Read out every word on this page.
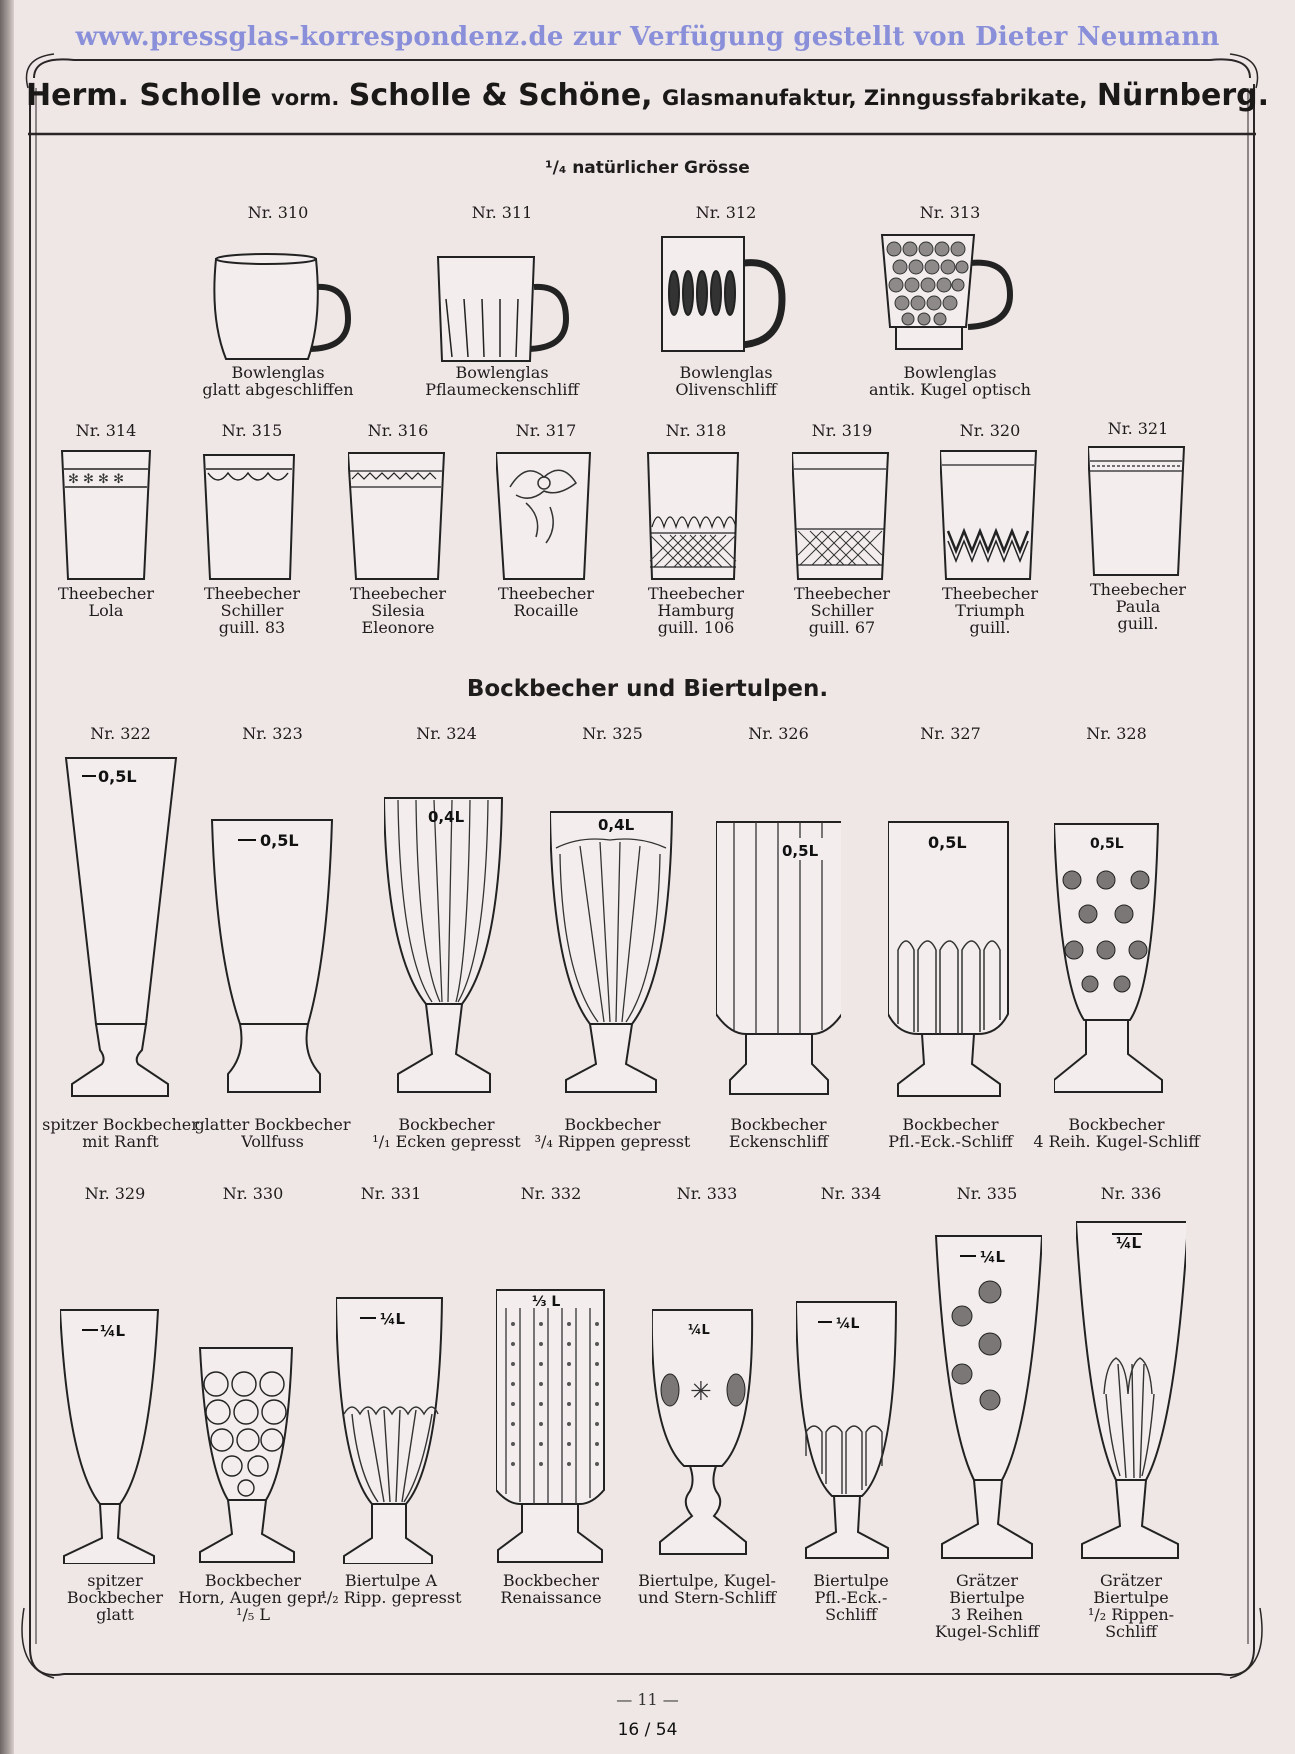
www.pressglas-korrespondenz.de zur Verfügung gestellt von Dieter Neumann
Herm. Scholle vorm. Scholle & Schöne, Glasmanufaktur, Zinngussfabrikate, Nürnberg.
¹/₄ natürlicher Grösse
Bockbecher und Biertulpen.
Nr. 310
Bowlenglas
glatt abgeschliffen
Nr. 311
Bowlenglas
Pflaumeckenschliff
Nr. 312
Bowlenglas
Olivenschliff
Nr. 313
Bowlenglas
antik. Kugel optisch
Nr. 314
✻ ✻ ✻ ✻
Theebecher
Lola
Nr. 315
Theebecher
Schiller
guill. 83
Nr. 316
Theebecher
Silesia
Eleonore
Nr. 317
Theebecher
Rocaille
Nr. 318
Theebecher
Hamburg
guill. 106
Nr. 319
Theebecher
Schiller
guill. 67
Nr. 320
Theebecher
Triumph
guill.
Nr. 321
Theebecher
Paula
guill.
Nr. 322
0,5L
spitzer Bockbecher
mit Ranft
Nr. 323
0,5L
glatter Bockbecher
Vollfuss
Nr. 324
0,4L
Bockbecher
¹/₁ Ecken gepresst
Nr. 325
0,4L
Bockbecher
³/₄ Rippen gepresst
Nr. 326
0,5L
Bockbecher
Eckenschliff
Nr. 327
0,5L
Bockbecher
Pfl.-Eck.-Schliff
Nr. 328
0,5L
Bockbecher
4 Reih. Kugel-Schliff
Nr. 329
¼L
spitzer
Bockbecher
glatt
Nr. 330
Bockbecher
Horn, Augen gepr.
¹/₅ L
Nr. 331
¼L
Biertulpe A
¹/₂ Ripp. gepresst
Nr. 332
⅓ L
Bockbecher
Renaissance
Nr. 333
✳
¼L
Biertulpe, Kugel-
und Stern-Schliff
Nr. 334
¼L
Biertulpe
Pfl.-Eck.-
Schliff
Nr. 335
¼L
Grätzer
Biertulpe
3 Reihen
Kugel-Schliff
Nr. 336
¼L
Grätzer
Biertulpe
¹/₂ Rippen-
Schliff
— 11 —
16 / 54
